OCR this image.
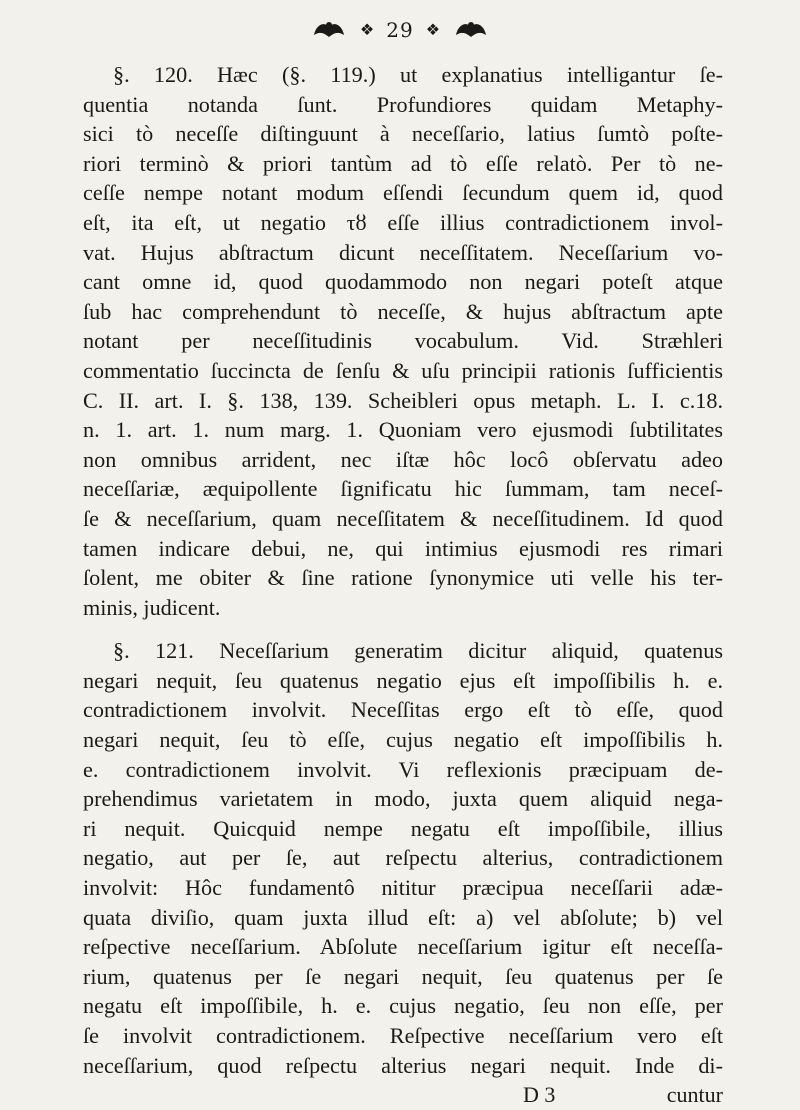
❖ 29 ❖
§. 120. Hæc (§. 119.) ut explanatius intelligantur ſe-
quentia notanda ſunt. Profundiores quidam Metaphy-
sici tò neceſſe diſtinguunt à neceſſario, latius ſumtò poſte-
riori terminò & priori tantùm ad tò eſſe relatò. Per tò ne-
ceſſe nempe notant modum eſſendi ſecundum quem id, quod
eſt, ita eſt, ut negatio τȣ eſſe illius contradictionem invol-
vat. Hujus abſtractum dicunt neceſſitatem. Neceſſarium vo-
cant omne id, quod quodammodo non negari poteſt atque
ſub hac comprehendunt tò neceſſe, & hujus abſtractum apte
notant per neceſſitudinis vocabulum. Vid. Stræhleri
commentatio ſuccincta de ſenſu & uſu principii rationis ſufficientis
C. II. art. I. §. 138, 139. Scheibleri opus metaph. L. I. c.18.
n. 1. art. 1. num marg. 1. Quoniam vero ejusmodi ſubtilitates
non omnibus arrident, nec iſtæ hôc locô obſervatu adeo
neceſſariæ, æquipollente ſignificatu hic ſummam, tam neceſ-
ſe & neceſſarium, quam neceſſitatem & neceſſitudinem. Id quod
tamen indicare debui, ne, qui intimius ejusmodi res rimari
ſolent, me obiter & ſine ratione ſynonymice uti velle his ter-
minis, judicent.
§. 121. Neceſſarium generatim dicitur aliquid, quatenus
negari nequit, ſeu quatenus negatio ejus eſt impoſſibilis h. e.
contradictionem involvit. Neceſſitas ergo eſt tò eſſe, quod
negari nequit, ſeu tò eſſe, cujus negatio eſt impoſſibilis h.
e. contradictionem involvit. Vi reflexionis præcipuam de-
prehendimus varietatem in modo, juxta quem aliquid nega-
ri nequit. Quicquid nempe negatu eſt impoſſibile, illius
negatio, aut per ſe, aut reſpectu alterius, contradictionem
involvit: Hôc fundamentô nititur præcipua neceſſarii adæ-
quata diviſio, quam juxta illud eſt: a) vel abſolute; b) vel
reſpective neceſſarium. Abſolute neceſſarium igitur eſt neceſſa-
rium, quatenus per ſe negari nequit, ſeu quatenus per ſe
negatu eſt impoſſibile, h. e. cujus negatio, ſeu non eſſe, per
ſe involvit contradictionem. Reſpective neceſſarium vero eſt
neceſſarium, quod reſpectu alterius negari nequit. Inde di-
D 3	cuntur
